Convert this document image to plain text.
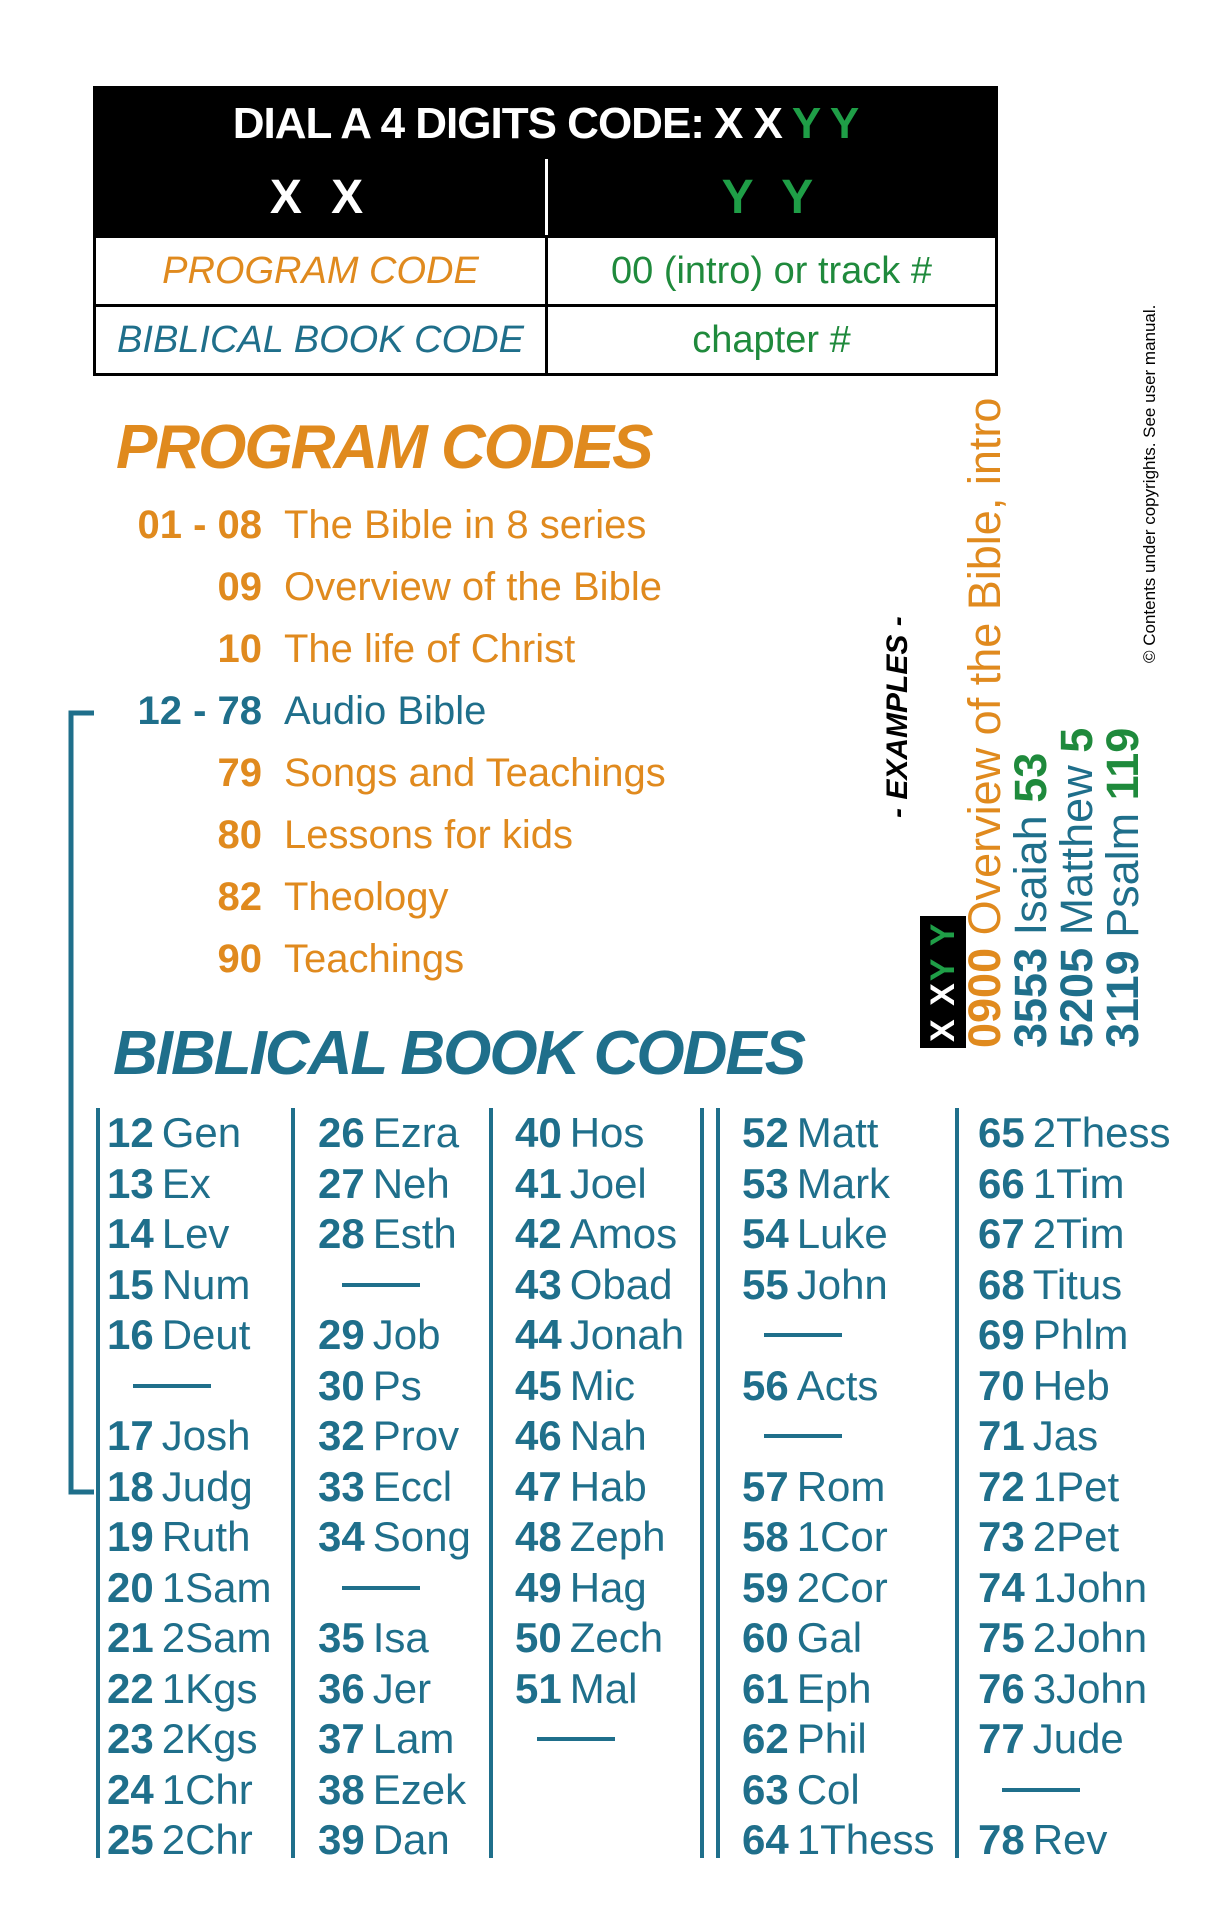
DIAL A 4 DIGITS CODE: X X Y Y
X X	Y Y
PROGRAM CODE	00 (intro) or track #
BIBLICAL BOOK CODE	chapter #
PROGRAM CODES
01 - 08 The Bible in 8 series
09 Overview of the Bible
10 The life of Christ
12 - 78 Audio Bible
79 Songs and Teachings
80 Lessons for kids
82 Theology
90 Teachings
BIBLICAL BOOK CODES
12 Gen
13 Ex
14 Lev
15 Num
16 Deut
17 Josh
18 Judg
19 Ruth
20 1Sam
21 2Sam
22 1Kgs
23 2Kgs
24 1Chr
25 2Chr
26 Ezra
27 Neh
28 Esth
29 Job
30 Ps
32 Prov
33 Eccl
34 Song
35 Isa
36 Jer
37 Lam
38 Ezek
39 Dan
40 Hos
41 Joel
42 Amos
43 Obad
44 Jonah
45 Mic
46 Nah
47 Hab
48 Zeph
49 Hag
50 Zech
51 Mal
52 Matt
53 Mark
54 Luke
55 John
56 Acts
57 Rom
58 1Cor
59 2Cor
60 Gal
61 Eph
62 Phil
63 Col
64 1Thess
65 2Thess
66 1Tim
67 2Tim
68 Titus
69 Phlm
70 Heb
71 Jas
72 1Pet
73 2Pet
74 1John
75 2John
76 3John
77 Jude
78 Rev
- EXAMPLES -
X XY Y
0900 Overview of the Bible, intro
3553 Isaiah 53
5205 Matthew 5
3119 Psalm 119
© Contents under copyrights. See user manual.
